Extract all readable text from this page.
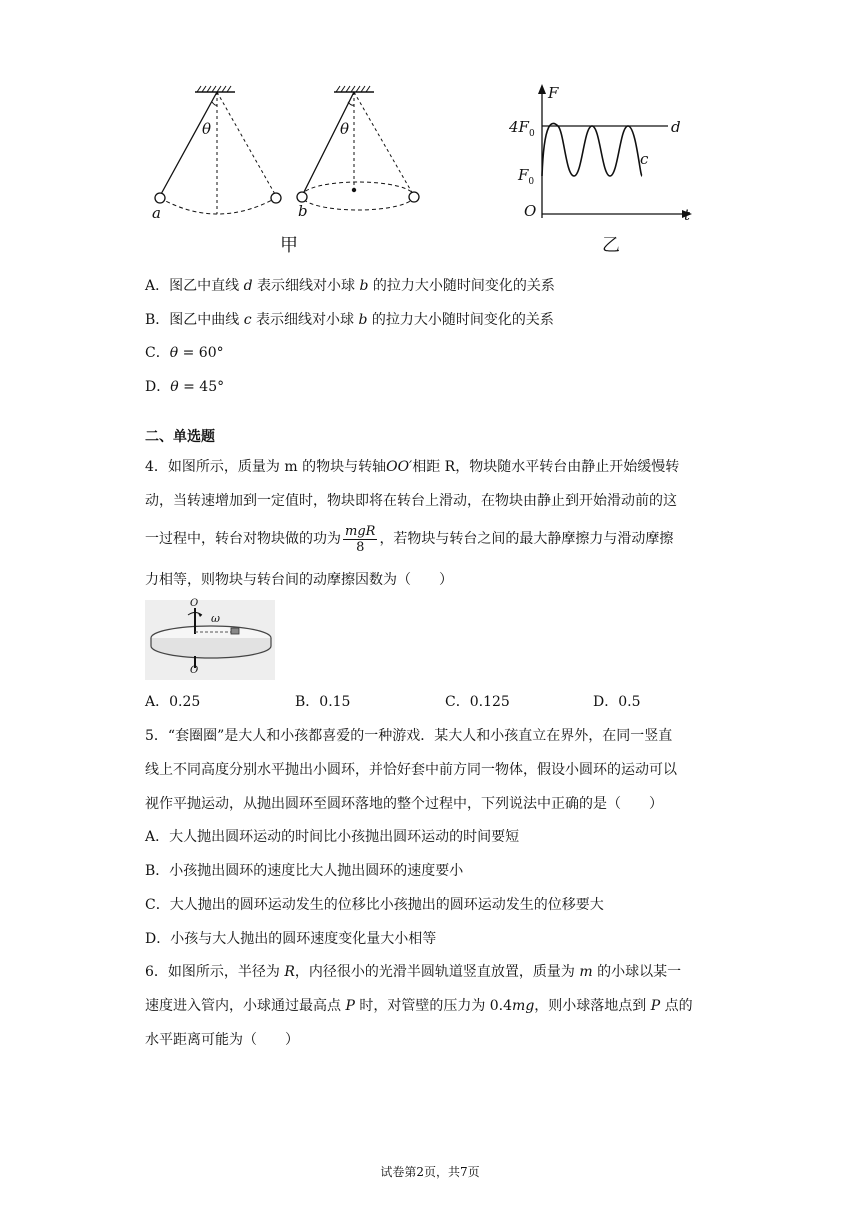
θ	θ
a	b
甲
F
t
O
$4F_0$
$F_0$
d
c
乙
A．图乙中直线 d 表示细线对小球 b 的拉力大小随时间变化的关系
B．图乙中曲线 c 表示细线对小球 b 的拉力大小随时间变化的关系
C．θ = 60°
D．θ = 45°
二、单选题
4．如图所示，质量为 m 的物块与转轴OO′相距 R，物块随水平转台由静止开始缓慢转
动，当转速增加到一定值时，物块即将在转台上滑动，在物块由静止到开始滑动前的这
一过程中，转台对物块做的功为 $\frac{\text{mgR}}{8}$ ，若物块与转台之间的最大静摩擦力与滑动摩擦
力相等，则物块与转台间的动摩擦因数为（　　）
O
ω
O
A．0.25	B．0.15	C．0.125	D．0.5
5．“套圈圈”是大人和小孩都喜爱的一种游戏．某大人和小孩直立在界外，在同一竖直
线上不同高度分别水平抛出小圆环，并恰好套中前方同一物体，假设小圆环的运动可以
视作平抛运动，从抛出圆环至圆环落地的整个过程中，下列说法中正确的是（　　）
A．大人抛出圆环运动的时间比小孩抛出圆环运动的时间要短
B．小孩抛出圆环的速度比大人抛出圆环的速度要小
C．大人抛出的圆环运动发生的位移比小孩抛出的圆环运动发生的位移要大
D．小孩与大人抛出的圆环速度变化量大小相等
6．如图所示，半径为 R，内径很小的光滑半圆轨道竖直放置，质量为 m 的小球以某一
速度进入管内，小球通过最高点 P 时，对管壁的压力为 0.4mg，则小球落地点到 P 点的
水平距离可能为（　　）
试卷第2页，共7页
